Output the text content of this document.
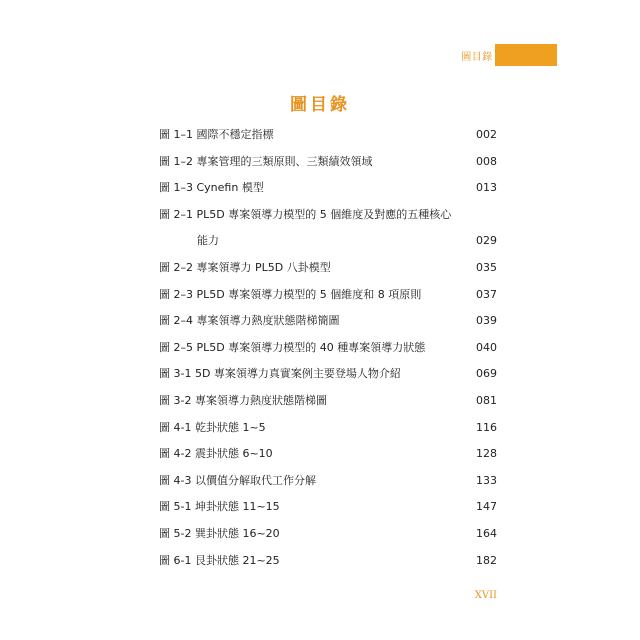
圖目錄
圖目錄
圖 1–1 國際不穩定指標	002
圖 1–2 專案管理的三類原則、三類績效領域	008
圖 1–3 Cynefin 模型	013
圖 2–1 PL5D 專案領導力模型的 5 個維度及對應的五種核心
能力	029
圖 2–2 專案領導力 PL5D 八卦模型	035
圖 2–3 PL5D 專案領導力模型的 5 個維度和 8 項原則	037
圖 2–4 專案領導力熱度狀態階梯簡圖	039
圖 2–5 PL5D 專案領導力模型的 40 種專案領導力狀態	040
圖 3-1 5D 專案領導力真實案例主要登場人物介紹	069
圖 3-2 專案領導力熱度狀態階梯圖	081
圖 4-1 乾卦狀態 1~5	116
圖 4-2 震卦狀態 6~10	128
圖 4-3 以價值分解取代工作分解	133
圖 5-1 坤卦狀態 11~15	147
圖 5-2 巽卦狀態 16~20	164
圖 6-1 艮卦狀態 21~25	182
XVII
